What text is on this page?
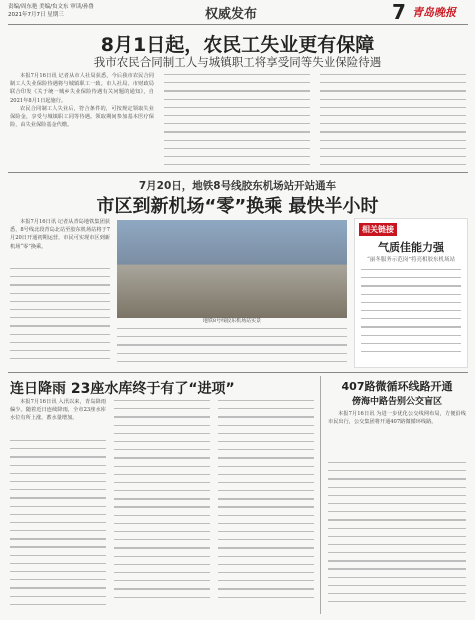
责编/周东艳 美编/贠文东 审读/孙鲁
2021年7月7日 星期三	权威发布	7 青岛晚报
8月1日起，农民工失业更有保障
我市农民合同制工人与城镇职工将享受同等失业保险待遇

本报7月16日讯 记者从市人社局获悉，今后我市农民合同制工人失业保险待遇将与城镇职工一致。市人社局、市财政局联合印发《关于统一城乡失业保险待遇有关问题的通知》，自2021年8月1日起施行。

农民合同制工人失业后，符合条件的，可按规定领取失业保险金，享受与城镇职工同等待遇。领取期间参加基本医疗保险，由失业保险基金代缴。

7月20日，地铁8号线胶东机场站开站通车
市区到新机场“零”换乘 最快半小时

本报7月16日讯 记者从青岛地铁集团获悉，8号线北段青岛北站至胶东机场站将于7月20日开通初期运营，市民可实现市区到新机场“零”换乘。

地铁8号线胶东机场站实景
相关链接
气质佳能力强
“丽冬服务示范岗”将亮相胶东机场站
连日降雨 23座水库终于有了“进项”

本报7月16日讯 入汛以来，青岛降雨偏少。随着近日连续降雨，全市23座水库水位有所上涨，蓄水量增加。

407路微循环线路开通
傍海中路告别公交盲区

本报7月16日讯 为进一步优化公交线网布局，方便沿线市民出行，公交集团将开通407路微循环线路。
